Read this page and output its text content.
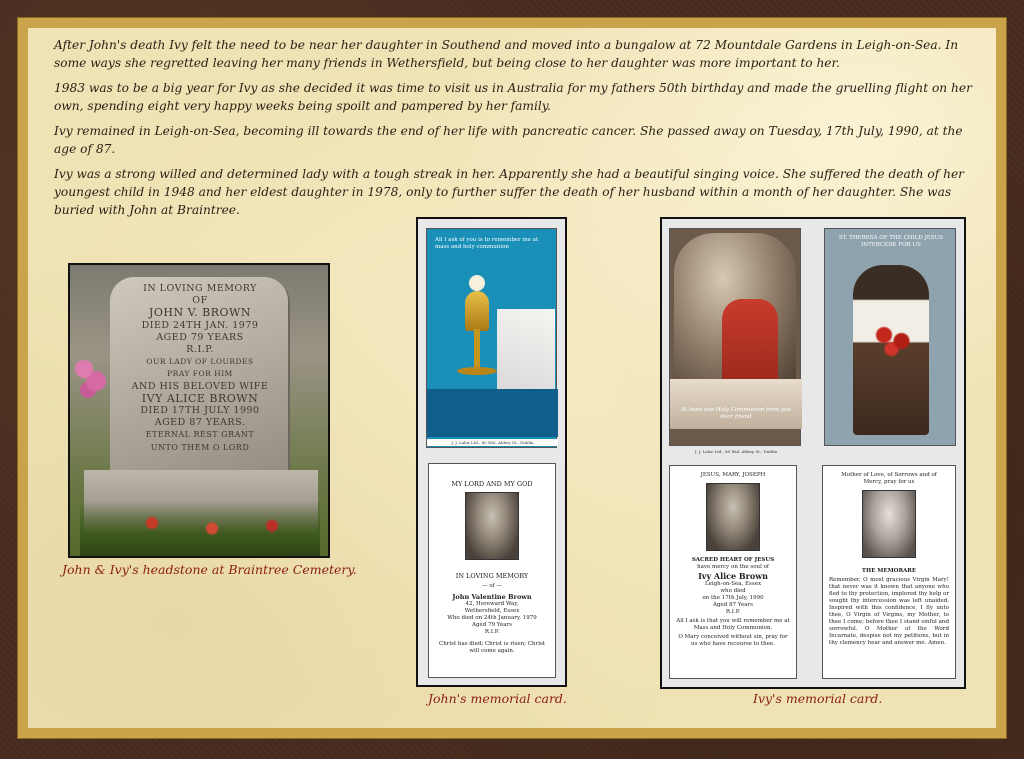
After John's death Ivy felt the need to be near her daughter in Southend and moved into a bungalow at 72 Mountdale Gardens in Leigh-on-Sea. In some ways she regretted leaving her many friends in Wethersfield, but being close to her daughter was more important to her.

1983 was to be a big year for Ivy as she decided it was time to visit us in Australia for my fathers 50th birthday and made the gruelling flight on her own, spending eight very happy weeks being spoilt and pampered by her family.

Ivy remained in Leigh-on-Sea, becoming ill towards the end of her life with pancreatic cancer. She passed away on Tuesday, 17th July, 1990, at the age of 87.

Ivy was a strong willed and determined lady with a tough streak in her. Apparently she had a beautiful singing voice. She suffered the death of her youngest child in 1948 and her eldest daughter in 1978, only to further suffer the death of her husband within a month of her daughter. She was buried with John at Braintree.

IN LOVING MEMORY
OF
JOHN V. BROWN
DIED 24TH JAN. 1979
AGED 79 YEARS
R.I.P.
OUR LADY OF LOURDES
PRAY FOR HIM
AND HIS BELOVED WIFE
IVY ALICE BROWN
DIED 17TH JULY 1990
AGED 87 YEARS.
ETERNAL REST GRANT
UNTO THEM O LORD
John & Ivy's headstone at Braintree Cemetery.
All I ask of you is to remember me at mass and holy communion
J. J. Lalor Ltd., 60 Wol. Abbey St., Dublin
MY LORD AND MY GOD
IN LOVING MEMORY
— of —
John Valentine Brown
42, Hereward Way,
Wethersfield, Essex
Who died on 24th January, 1979
Aged 79 Years
R.I.P.
Christ has died; Christ is risen; Christ will come again.
John's memorial card.
At least one Holy Communion from you dear friend
J. J. Lalor Ltd., 60 Wol. Abbey St., Dublin
ST. THERESA OF THE CHILD JESUS INTERCEDE FOR US
JESUS, MARY, JOSEPH
SACRED HEART OF JESUS
have mercy on the soul of
Ivy Alice Brown
Leigh-on-Sea, Essex
who died
on the 17th July, 1990
Aged 87 Years
R.I.P.
All I ask is that you will remember me at Mass and Holy Communion.
O Mary conceived without sin, pray for us who have recourse to thee.
Mother of Love, of Sorrows and of Mercy, pray for us
THE MEMORARE
Remember, O most gracious Virgin Mary! that never was it known that anyone who fled to thy protection, implored thy help or sought thy intercession was left unaided. Inspired with this confidence, I fly unto thee, O Virgin of Virgins, my Mother, to thee I come; before thee I stand sinful and sorrowful. O Mother of the Word Incarnate, despise not my petitions, but in thy clemency hear and answer me. Amen.
Ivy's memorial card.
